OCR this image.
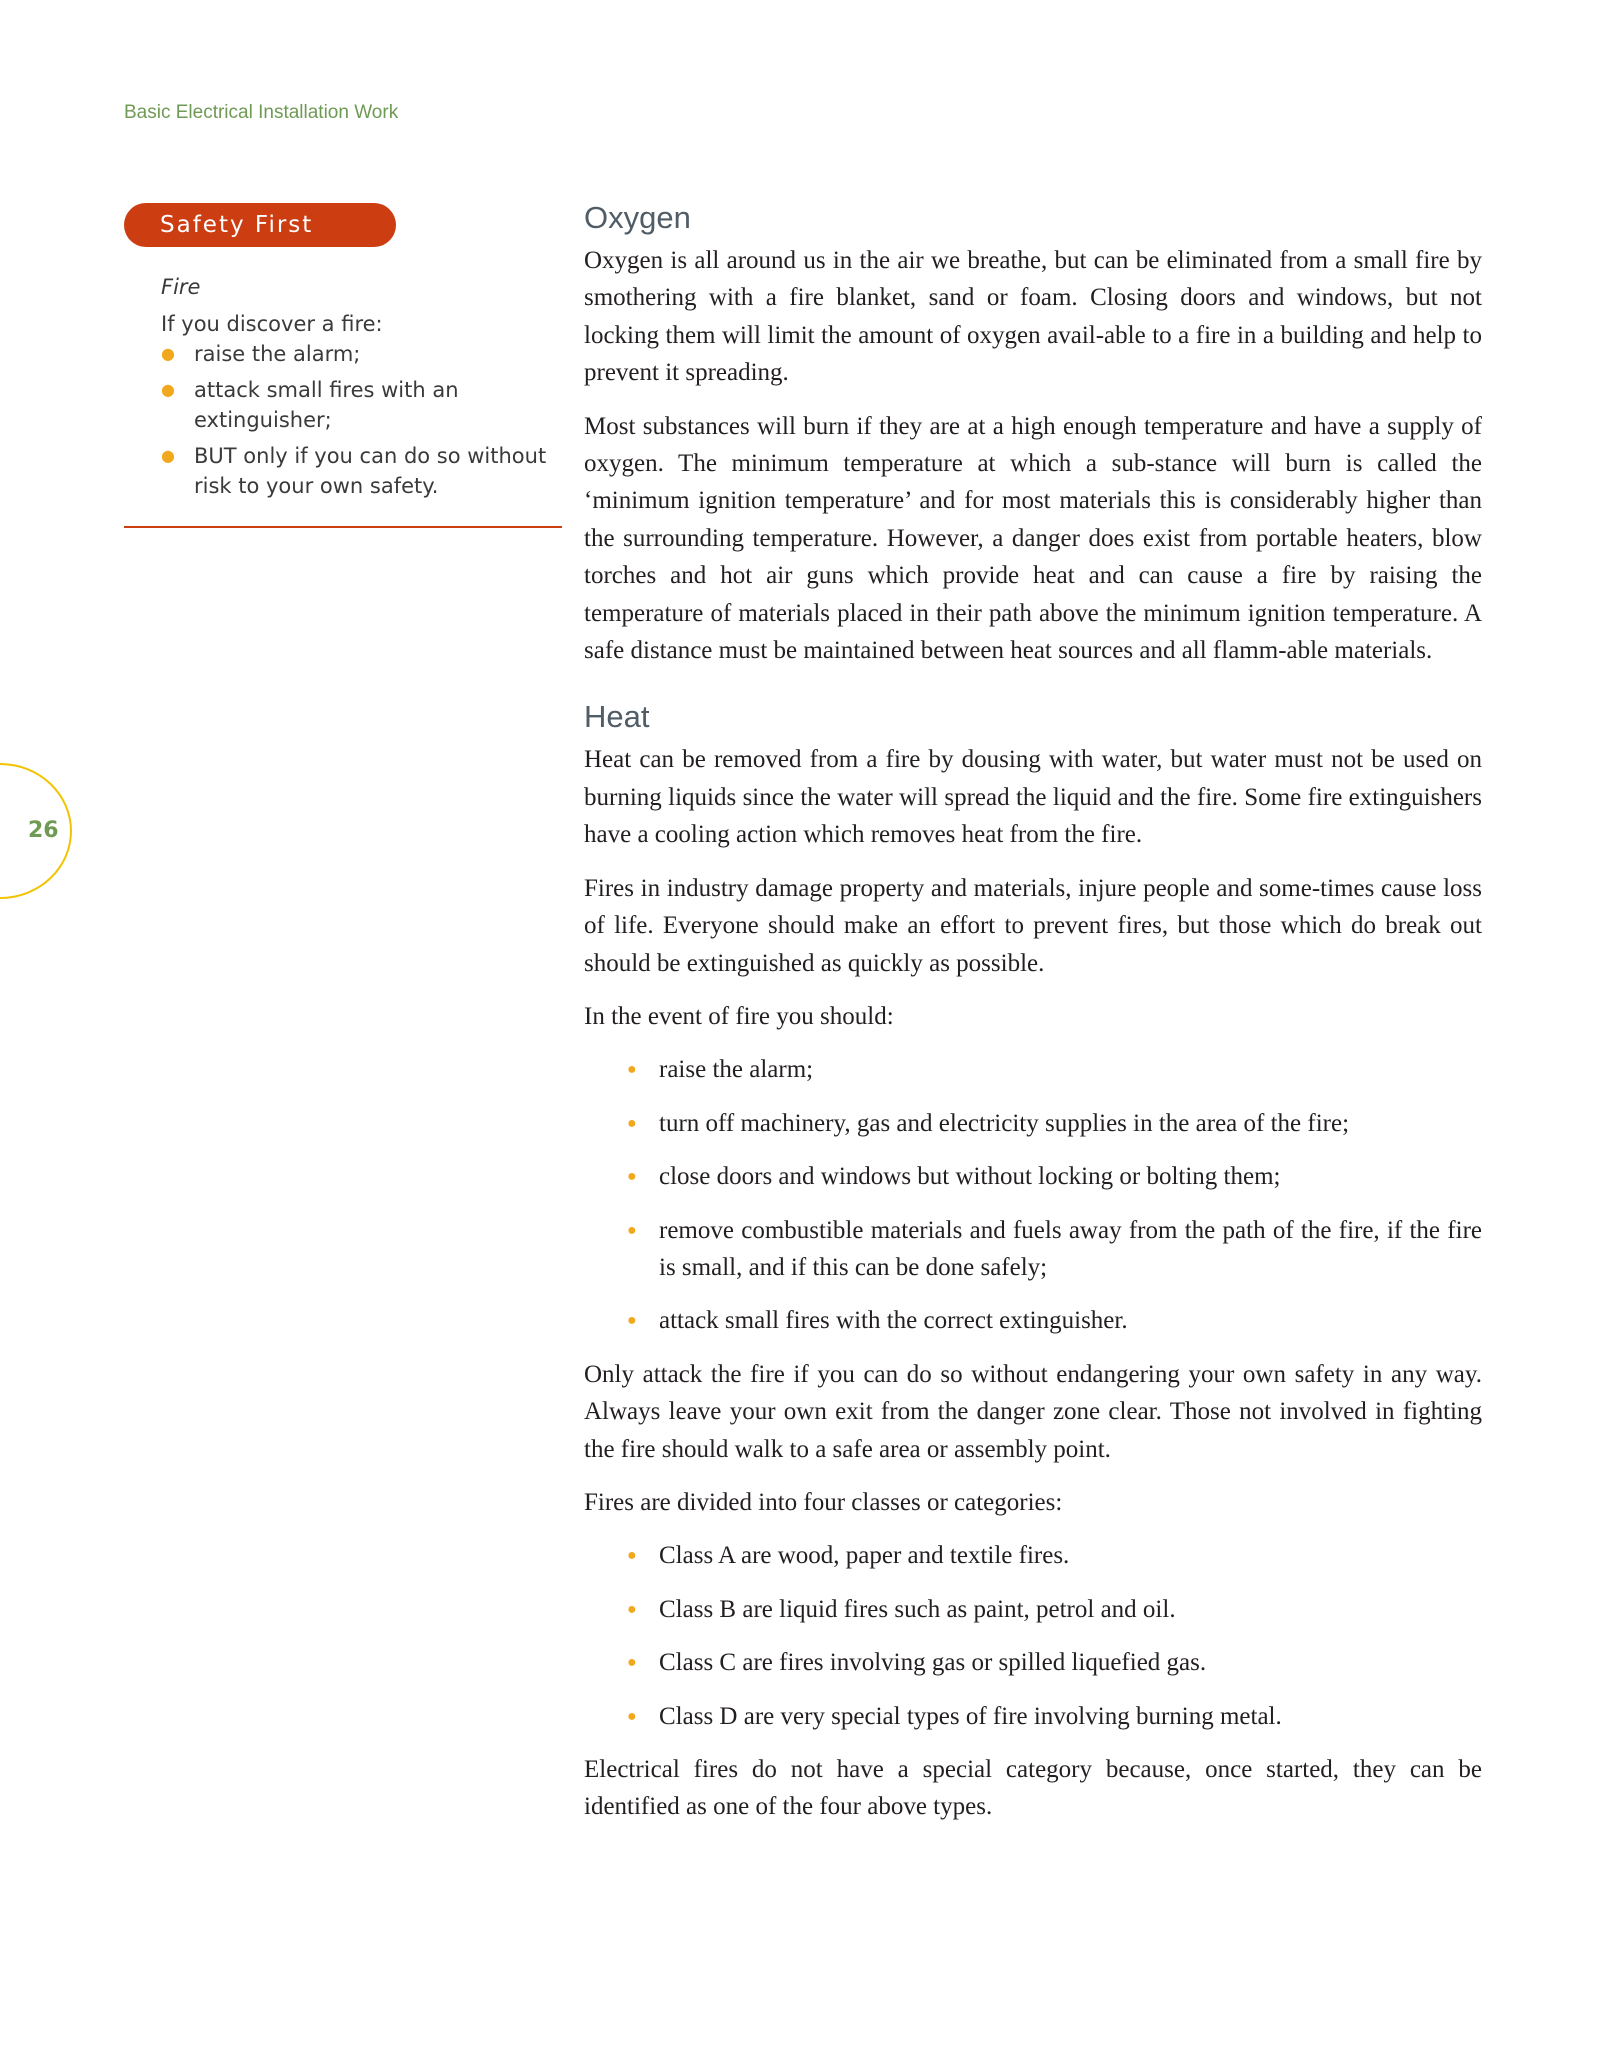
Basic Electrical Installation Work
26
Safety First
Fire
If you discover a fire:
● raise the alarm;
● attack small fires with an extinguisher;
● BUT only if you can do so without risk to your own safety.
Oxygen

Oxygen is all around us in the air we breathe, but can be eliminated from a small fire by smothering with a fire blanket, sand or foam. Closing doors and windows, but not locking them will limit the amount of oxygen avail-able to a fire in a building and help to prevent it spreading.

Most substances will burn if they are at a high enough temperature and have a supply of oxygen. The minimum temperature at which a sub-stance will burn is called the ‘minimum ignition temperature’ and for most materials this is considerably higher than the surrounding temperature. However, a danger does exist from portable heaters, blow torches and hot air guns which provide heat and can cause a fire by raising the temperature of materials placed in their path above the minimum ignition temperature. A safe distance must be maintained between heat sources and all flamm-able materials.

Heat

Heat can be removed from a fire by dousing with water, but water must not be used on burning liquids since the water will spread the liquid and the fire. Some fire extinguishers have a cooling action which removes heat from the fire.

Fires in industry damage property and materials, injure people and some-times cause loss of life. Everyone should make an effort to prevent fires, but those which do break out should be extinguished as quickly as possible.

In the event of fire you should:

● raise the alarm;
● turn off machinery, gas and electricity supplies in the area of the fire;
● close doors and windows but without locking or bolting them;
● remove combustible materials and fuels away from the path of the fire, if the fire is small, and if this can be done safely;
● attack small fires with the correct extinguisher.

Only attack the fire if you can do so without endangering your own safety in any way. Always leave your own exit from the danger zone clear. Those not involved in fighting the fire should walk to a safe area or assembly point.

Fires are divided into four classes or categories:

● Class A are wood, paper and textile fires.
● Class B are liquid fires such as paint, petrol and oil.
● Class C are fires involving gas or spilled liquefied gas.
● Class D are very special types of fire involving burning metal.

Electrical fires do not have a special category because, once started, they can be identified as one of the four above types.
